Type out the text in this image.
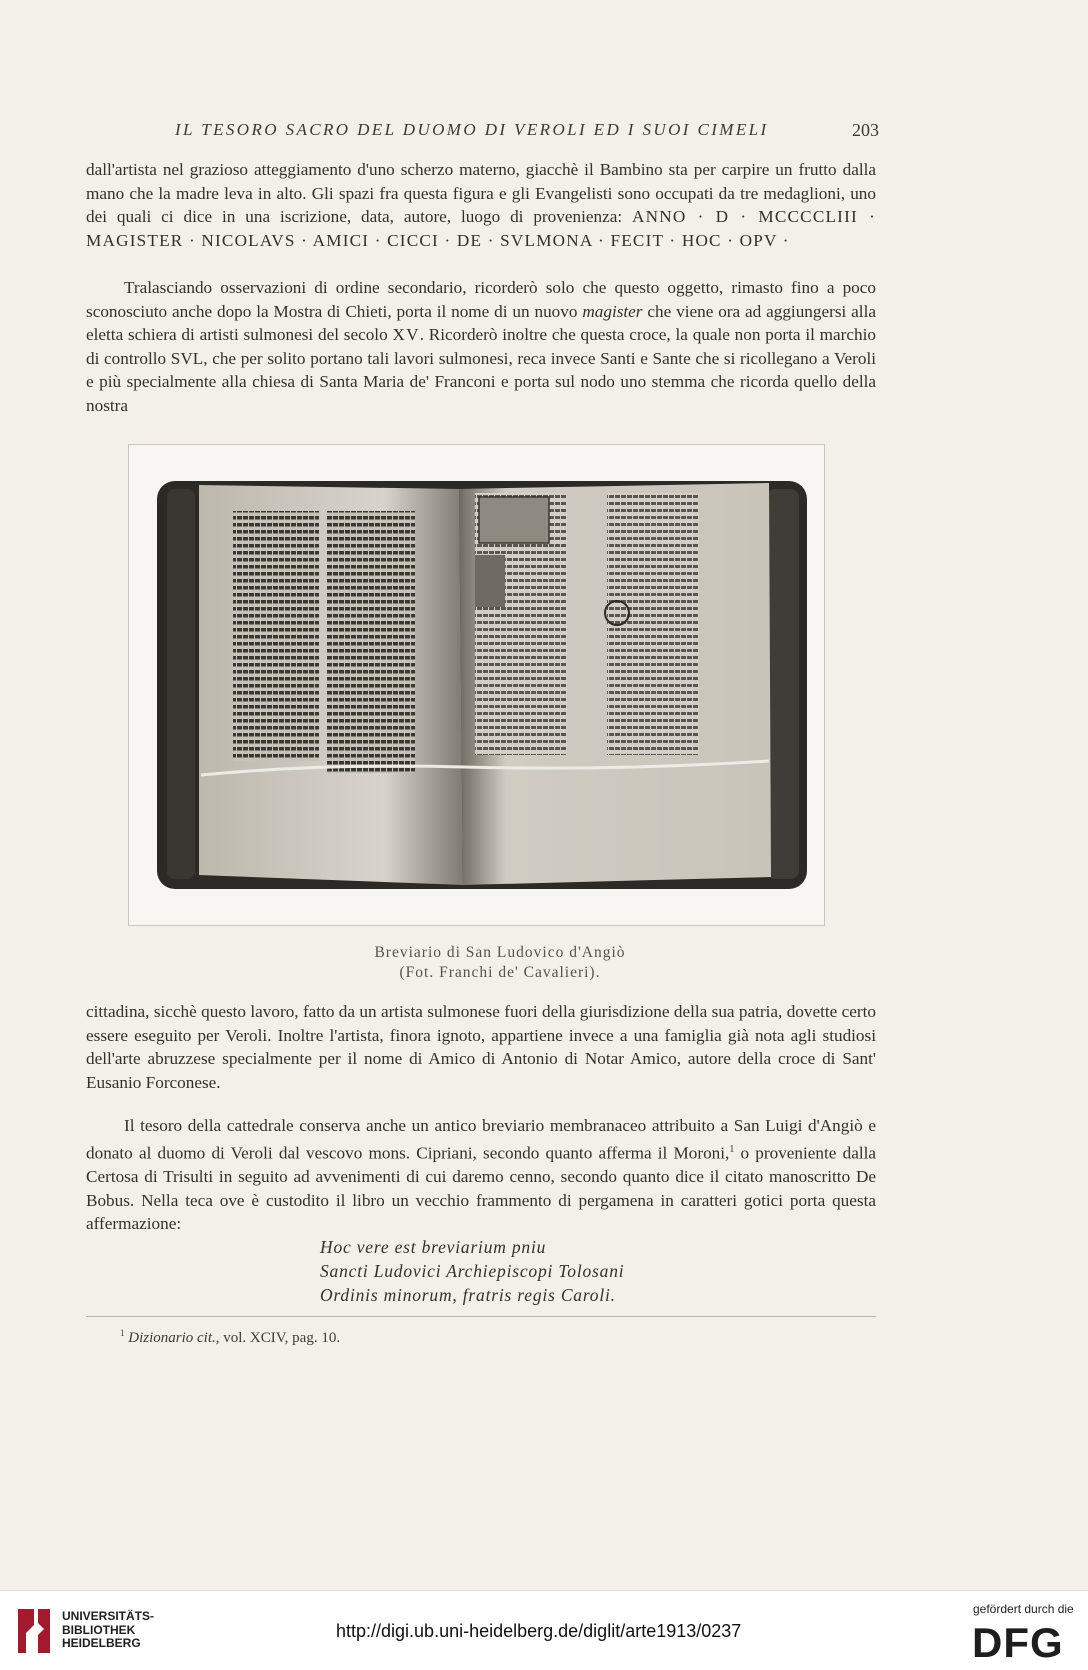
IL TESORO SACRO DEL DUOMO DI VEROLI ED I SUOI CIMELI	203

dall'artista nel grazioso atteggiamento d'uno scherzo materno, giacchè il Bambino sta per carpire un frutto dalla mano che la madre leva in alto. Gli spazi fra questa figura e gli Evangelisti sono occupati da tre medaglioni, uno dei quali ci dice in una iscrizione, data, autore, luogo di provenienza: ANNO · D · MCCCCLIII · MAGISTER · NICOLAVS · AMICI · CICCI · DE · SVLMONA · FECIT · HOC · OPV ·

Tralasciando osservazioni di ordine secondario, ricorderò solo che questo oggetto, rimasto fino a poco sconosciuto anche dopo la Mostra di Chieti, porta il nome di un nuovo magister che viene ora ad aggiungersi alla eletta schiera di artisti sulmonesi del secolo XV. Ricorderò inoltre che questa croce, la quale non porta il marchio di controllo SVL, che per solito portano tali lavori sulmonesi, reca invece Santi e Sante che si ricollegano a Veroli e più specialmente alla chiesa di Santa Maria de' Franconi e porta sul nodo uno stemma che ricorda quello della nostra

Breviario di San Ludovico d'Angiò
(Fot. Franchi de' Cavalieri).

cittadina, sicchè questo lavoro, fatto da un artista sulmonese fuori della giurisdizione della sua patria, dovette certo essere eseguito per Veroli. Inoltre l'artista, finora ignoto, appartiene invece a una famiglia già nota agli studiosi dell'arte abruzzese specialmente per il nome di Amico di Antonio di Notar Amico, autore della croce di Sant' Eusanio Forconese.

Il tesoro della cattedrale conserva anche un antico breviario membranaceo attribuito a San Luigi d'Angiò e donato al duomo di Veroli dal vescovo mons. Cipriani, secondo quanto afferma il Moroni,$^1$ o proveniente dalla Certosa di Trisulti in seguito ad avvenimenti di cui daremo cenno, secondo quanto dice il citato manoscritto De Bobus. Nella teca ove è custodito il libro un vecchio frammento di pergamena in caratteri gotici porta questa affermazione:

Hoc vere est breviarium pniu
Sancti Ludovici Archiepiscopi Tolosani
Ordinis minorum, fratris regis Caroli.
$^1$ Dizionario cit., vol. XCIV, pag. 10.
UNIVERSITÄTS-
BIBLIOTHEK
HEIDELBERG
http://digi.ub.uni-heidelberg.de/diglit/arte1913/0237
gefördert durch die
DFG
